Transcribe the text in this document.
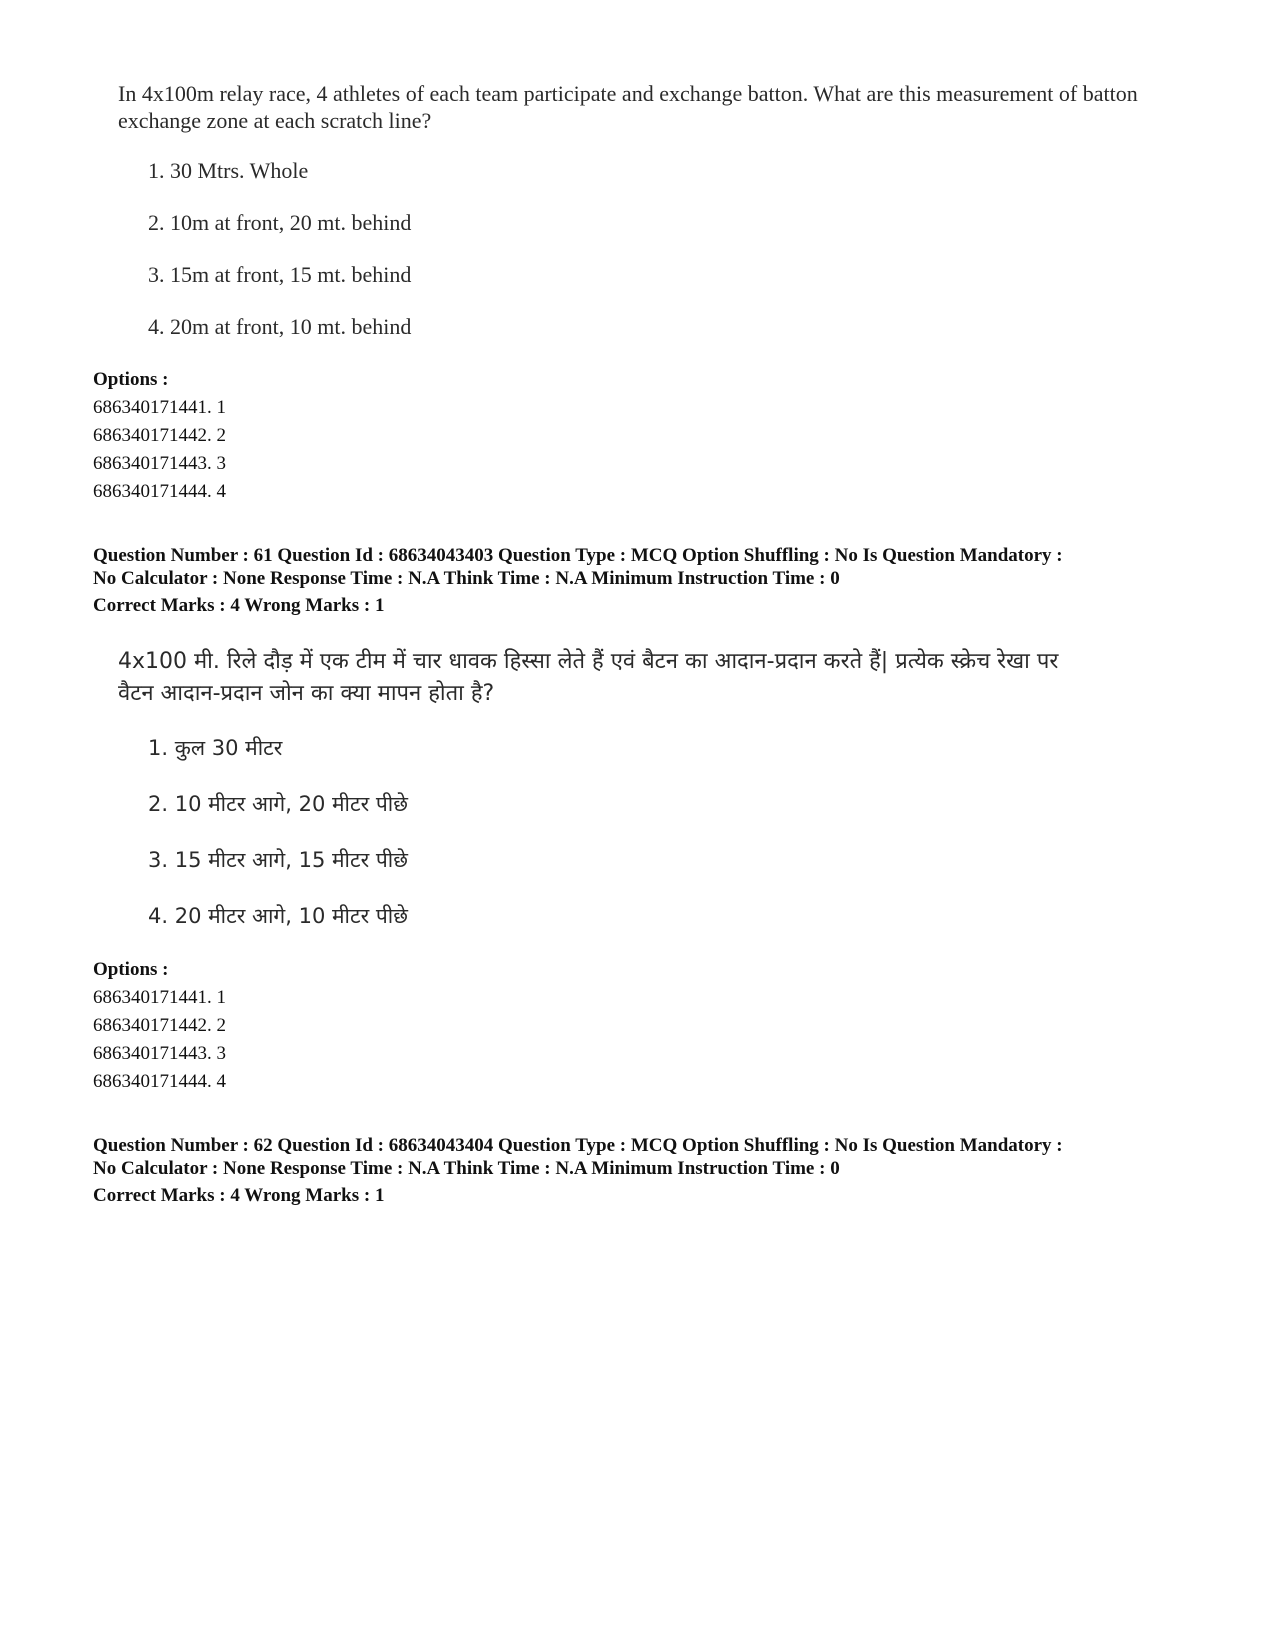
In 4x100m relay race, 4 athletes of each team participate and exchange batton. What are this measurement of batton exchange zone at each scratch line?
1. 30 Mtrs. Whole
2. 10m at front, 20 mt. behind
3. 15m at front, 15 mt. behind
4. 20m at front, 10 mt. behind
Options :
686340171441. 1
686340171442. 2
686340171443. 3
686340171444. 4
Question Number : 61 Question Id : 68634043403 Question Type : MCQ Option Shuffling : No Is Question Mandatory :
No Calculator : None Response Time : N.A Think Time : N.A Minimum Instruction Time : 0
Correct Marks : 4 Wrong Marks : 1
4x100 मी. रिले दौड़ में एक टीम में चार धावक हिस्सा लेते हैं एवं बैटन का आदान-प्रदान करते हैं| प्रत्येक स्क्रेच रेखा पर
वैटन आदान-प्रदान जोन का क्या मापन होता है?
1. कुल 30 मीटर
2. 10 मीटर आगे, 20 मीटर पीछे
3. 15 मीटर आगे, 15 मीटर पीछे
4. 20 मीटर आगे, 10 मीटर पीछे
Options :
686340171441. 1
686340171442. 2
686340171443. 3
686340171444. 4
Question Number : 62 Question Id : 68634043404 Question Type : MCQ Option Shuffling : No Is Question Mandatory :
No Calculator : None Response Time : N.A Think Time : N.A Minimum Instruction Time : 0
Correct Marks : 4 Wrong Marks : 1
